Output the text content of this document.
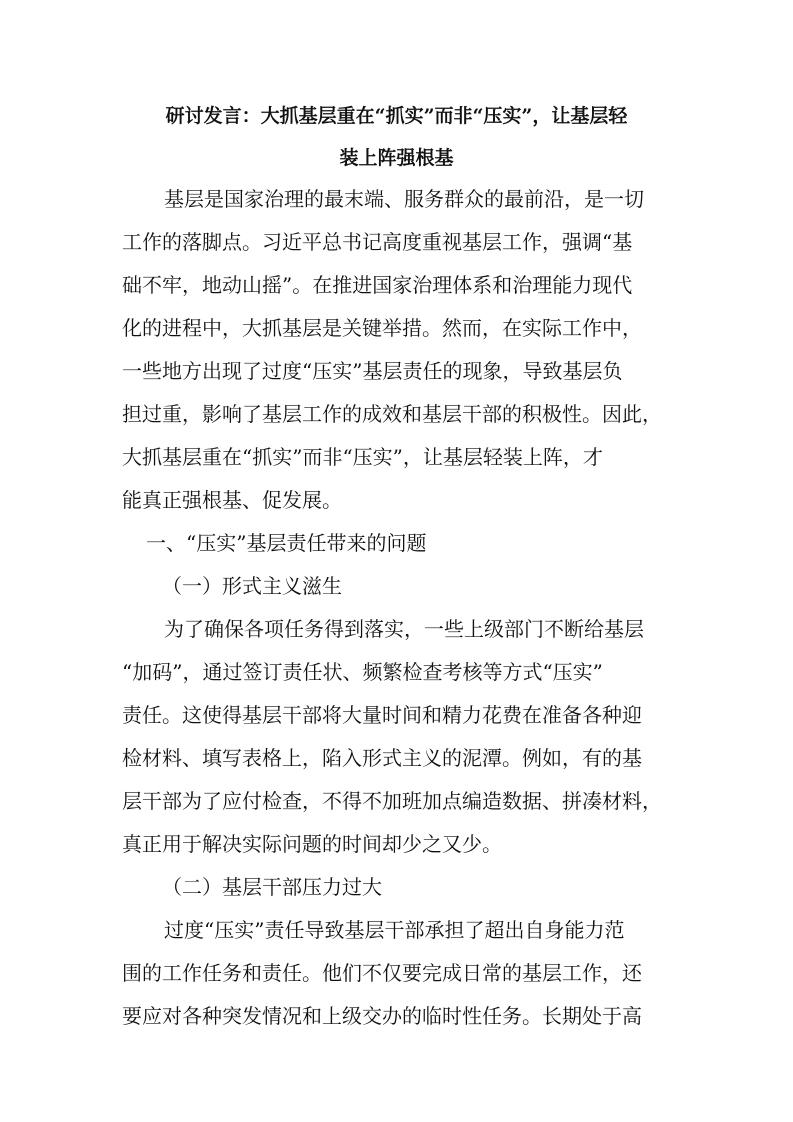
研讨发言：大抓基层重在“抓实”而非“压实”，让基层轻
装上阵强根基
基层是国家治理的最末端、服务群众的最前沿，是一切
工作的落脚点。习近平总书记高度重视基层工作，强调“基
础不牢，地动山摇”。在推进国家治理体系和治理能力现代
化的进程中，大抓基层是关键举措。然而，在实际工作中，
一些地方出现了过度“压实”基层责任的现象，导致基层负
担过重，影响了基层工作的成效和基层干部的积极性。因此，
大抓基层重在“抓实”而非“压实”，让基层轻装上阵，才
能真正强根基、促发展。
一、“压实”基层责任带来的问题
（一）形式主义滋生
为了确保各项任务得到落实，一些上级部门不断给基层
“加码”，通过签订责任状、频繁检查考核等方式“压实”
责任。这使得基层干部将大量时间和精力花费在准备各种迎
检材料、填写表格上，陷入形式主义的泥潭。例如，有的基
层干部为了应付检查，不得不加班加点编造数据、拼凑材料，
真正用于解决实际问题的时间却少之又少。
（二）基层干部压力过大
过度“压实”责任导致基层干部承担了超出自身能力范
围的工作任务和责任。他们不仅要完成日常的基层工作，还
要应对各种突发情况和上级交办的临时性任务。长期处于高
